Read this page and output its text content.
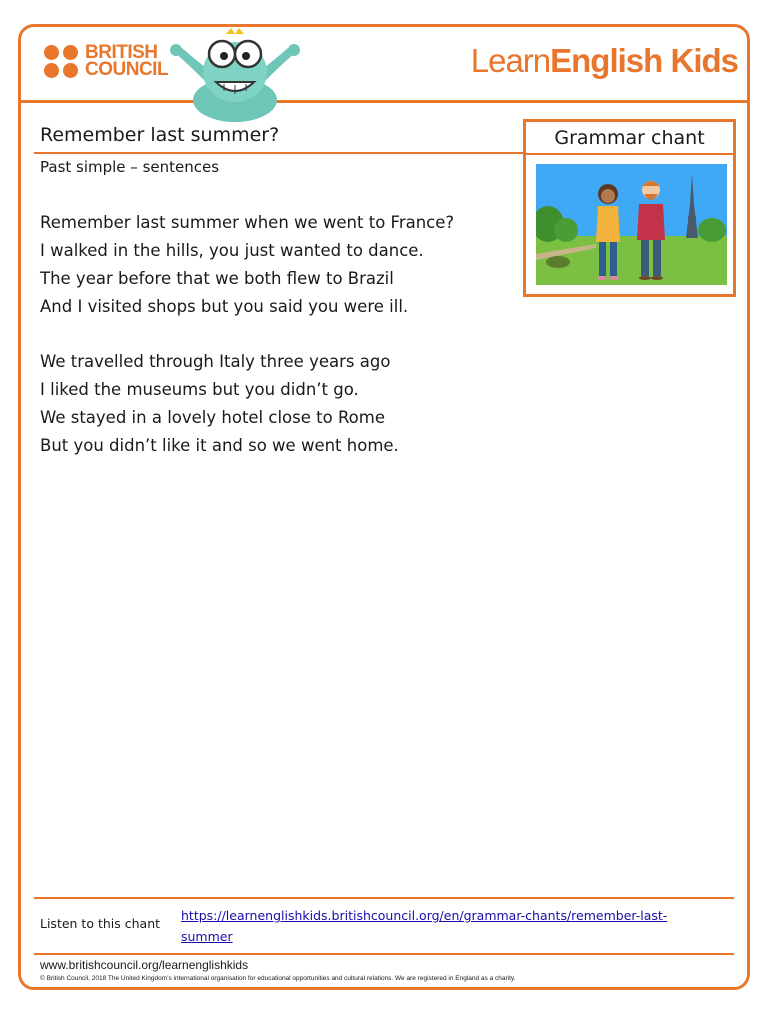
BRITISH
COUNCIL	LearnEnglish Kids
Remember last summer?
Past simple – sentences
Grammar chant
Remember last summer when we went to France?
I walked in the hills, you just wanted to dance.
The year before that we both flew to Brazil
And I visited shops but you said you were ill.
We travelled through Italy three years ago
I liked the museums but you didn’t go.
We stayed in a lovely hotel close to Rome
But you didn’t like it and so we went home.
Listen to this chant
https://learnenglishkids.britishcouncil.org/en/grammar-chants/remember-last-summer
www.britishcouncil.org/learnenglishkids
© British Council, 2018 The United Kingdom’s international organisation for educational opportunities and cultural relations. We are registered in England as a charity.
